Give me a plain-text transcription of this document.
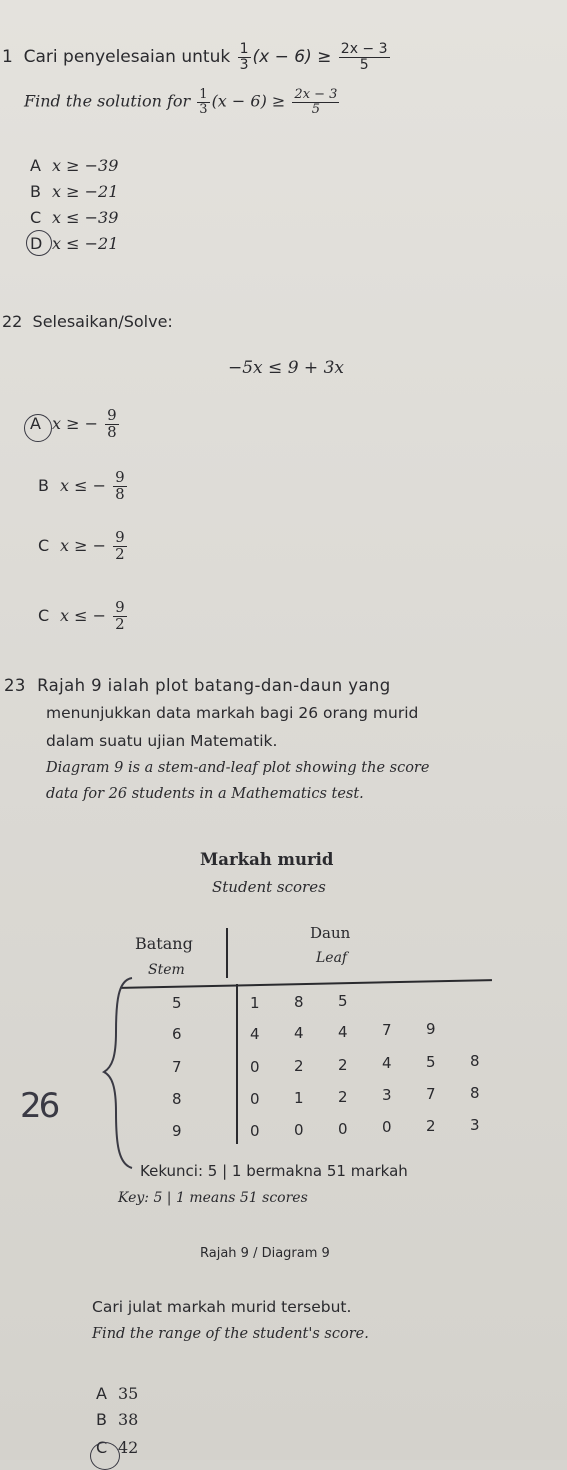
1 Cari penyelesaian untuk $\frac{1}{3} (x - 6) \ge \frac{2x - 3}{5}$
Find the solution for $\frac{1}{3} (x - 6) \ge \frac{2x - 3}{5}$
A x ≥ −39
B x ≥ −21
C x ≤ −39
D x ≤ −21
22 Selesaikan/Solve:
−5x ≤ 9 + 3x
A x ≥ − $\frac{9}{8}$
B x ≤ − $\frac{9}{8}$
C x ≥ − $\frac{9}{2}$
C x ≤ − $\frac{9}{2}$
23 Rajah 9 ialah plot batang-dan-daun yang
menunjukkan data markah bagi 26 orang murid
dalam suatu ujian Matematik.
Diagram 9 is a stem-and-leaf plot showing the score
data for 26 students in a Mathematics test.
Markah murid
Student scores
Batang
Stem
Daun
Leaf
5	1 8 5
6	4 4 4 7 9
7	0 2 2 4 5 8
8	0 1 2 3 7 8
9	0 0 0 0 2 3
26
Kekunci: 5 | 1 bermakna 51 markah
Key: 5 | 1 means 51 scores
Rajah 9 / Diagram 9
Cari julat markah murid tersebut.
Find the range of the student's score.
A 35
B 38
C 42
